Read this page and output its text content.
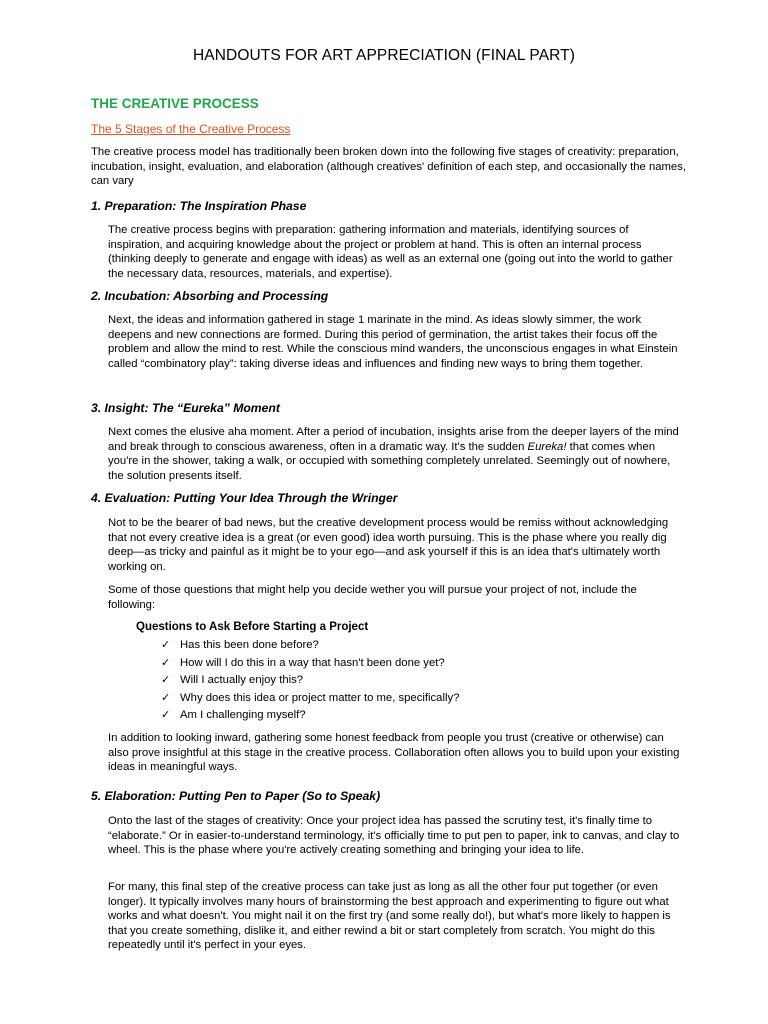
HANDOUTS FOR ART APPRECIATION (FINAL PART)
THE CREATIVE PROCESS
The 5 Stages of the Creative Process

The creative process model has traditionally been broken down into the following five stages of creativity: preparation, incubation, insight, evaluation, and elaboration (although creatives' definition of each step, and occasionally the names, can vary

1. Preparation: The Inspiration Phase

The creative process begins with preparation: gathering information and materials, identifying sources of inspiration, and acquiring knowledge about the project or problem at hand. This is often an internal process (thinking deeply to generate and engage with ideas) as well as an external one (going out into the world to gather the necessary data, resources, materials, and expertise).

2. Incubation: Absorbing and Processing

Next, the ideas and information gathered in stage 1 marinate in the mind. As ideas slowly simmer, the work deepens and new connections are formed. During this period of germination, the artist takes their focus off the problem and allow the mind to rest. While the conscious mind wanders, the unconscious engages in what Einstein called “combinatory play”: taking diverse ideas and influences and finding new ways to bring them together.

3. Insight: The “Eureka” Moment

Next comes the elusive aha moment. After a period of incubation, insights arise from the deeper layers of the mind and break through to conscious awareness, often in a dramatic way. It's the sudden Eureka! that comes when you're in the shower, taking a walk, or occupied with something completely unrelated. Seemingly out of nowhere, the solution presents itself.

4. Evaluation: Putting Your Idea Through the Wringer

Not to be the bearer of bad news, but the creative development process would be remiss without acknowledging that not every creative idea is a great (or even good) idea worth pursuing. This is the phase where you really dig deep—as tricky and painful as it might be to your ego—and ask yourself if this is an idea that's ultimately worth working on.

Some of those questions that might help you decide wether you will pursue your project of not, include the following:

Questions to Ask Before Starting a Project
✓ Has this been done before?
✓ How will I do this in a way that hasn't been done yet?
✓ Will I actually enjoy this?
✓ Why does this idea or project matter to me, specifically?
✓ Am I challenging myself?

In addition to looking inward, gathering some honest feedback from people you trust (creative or otherwise) can also prove insightful at this stage in the creative process. Collaboration often allows you to build upon your existing ideas in meaningful ways.

5. Elaboration: Putting Pen to Paper (So to Speak)

Onto the last of the stages of creativity: Once your project idea has passed the scrutiny test, it's finally time to “elaborate.” Or in easier-to-understand terminology, it's officially time to put pen to paper, ink to canvas, and clay to wheel. This is the phase where you're actively creating something and bringing your idea to life.

For many, this final step of the creative process can take just as long as all the other four put together (or even longer). It typically involves many hours of brainstorming the best approach and experimenting to figure out what works and what doesn't. You might nail it on the first try (and some really do!), but what's more likely to happen is that you create something, dislike it, and either rewind a bit or start completely from scratch. You might do this repeatedly until it's perfect in your eyes.
